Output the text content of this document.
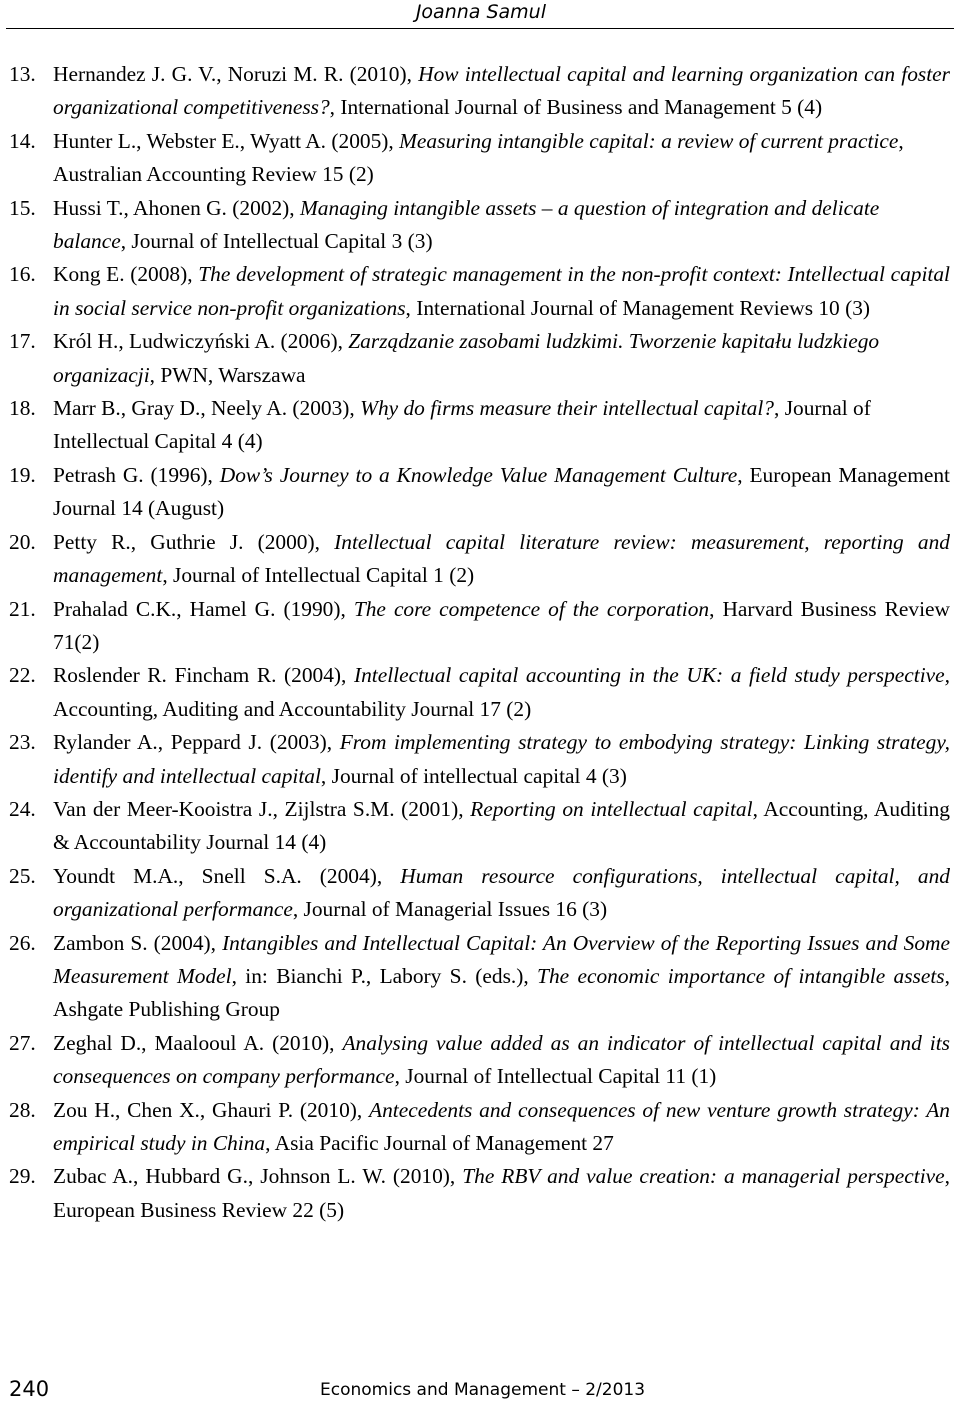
Joanna Samul
13. Hernandez J. G. V., Noruzi M. R. (2010), How intellectual capital and learning organization can foster organizational competitiveness?, International Journal of Business and Management 5 (4)
14. Hunter L., Webster E., Wyatt A. (2005), Measuring intangible capital: a review of current practice, Australian Accounting Review 15 (2)
15. Hussi T., Ahonen G. (2002), Managing intangible assets – a question of integration and delicate balance, Journal of Intellectual Capital 3 (3)
16. Kong E. (2008), The development of strategic management in the non-profit context: Intellectual capital in social service non-profit organizations, International Journal of Management Reviews 10 (3)
17. Król H., Ludwiczyński A. (2006), Zarządzanie zasobami ludzkimi. Tworzenie kapitału ludzkiego organizacji, PWN, Warszawa
18. Marr B., Gray D., Neely A. (2003), Why do firms measure their intellectual capital?, Journal of Intellectual Capital 4 (4)
19. Petrash G. (1996), Dow’s Journey to a Knowledge Value Management Culture, European Management Journal 14 (August)
20. Petty R., Guthrie J. (2000), Intellectual capital literature review: measurement, reporting and management, Journal of Intellectual Capital 1 (2)
21. Prahalad C.K., Hamel G. (1990), The core competence of the corporation, Harvard Business Review 71(2)
22. Roslender R. Fincham R. (2004), Intellectual capital accounting in the UK: a field study perspective, Accounting, Auditing and Accountability Journal 17 (2)
23. Rylander A., Peppard J. (2003), From implementing strategy to embodying strategy: Linking strategy, identify and intellectual capital, Journal of intellectual capital 4 (3)
24. Van der Meer-Kooistra J., Zijlstra S.M. (2001), Reporting on intellectual capital, Accounting, Auditing & Accountability Journal 14 (4)
25. Youndt M.A., Snell S.A. (2004), Human resource configurations, intellectual capital, and organizational performance, Journal of Managerial Issues 16 (3)
26. Zambon S. (2004), Intangibles and Intellectual Capital: An Overview of the Reporting Issues and Some Measurement Model, in: Bianchi P., Labory S. (eds.), The economic importance of intangible assets, Ashgate Publishing Group
27. Zeghal D., Maalooul A. (2010), Analysing value added as an indicator of intellectual capital and its consequences on company performance, Journal of Intellectual Capital 11 (1)
28. Zou H., Chen X., Ghauri P. (2010), Antecedents and consequences of new venture growth strategy: An empirical study in China, Asia Pacific Journal of Management 27
29. Zubac A., Hubbard G., Johnson L. W. (2010), The RBV and value creation: a managerial perspective, European Business Review 22 (5)
240	Economics and Management – 2/2013
